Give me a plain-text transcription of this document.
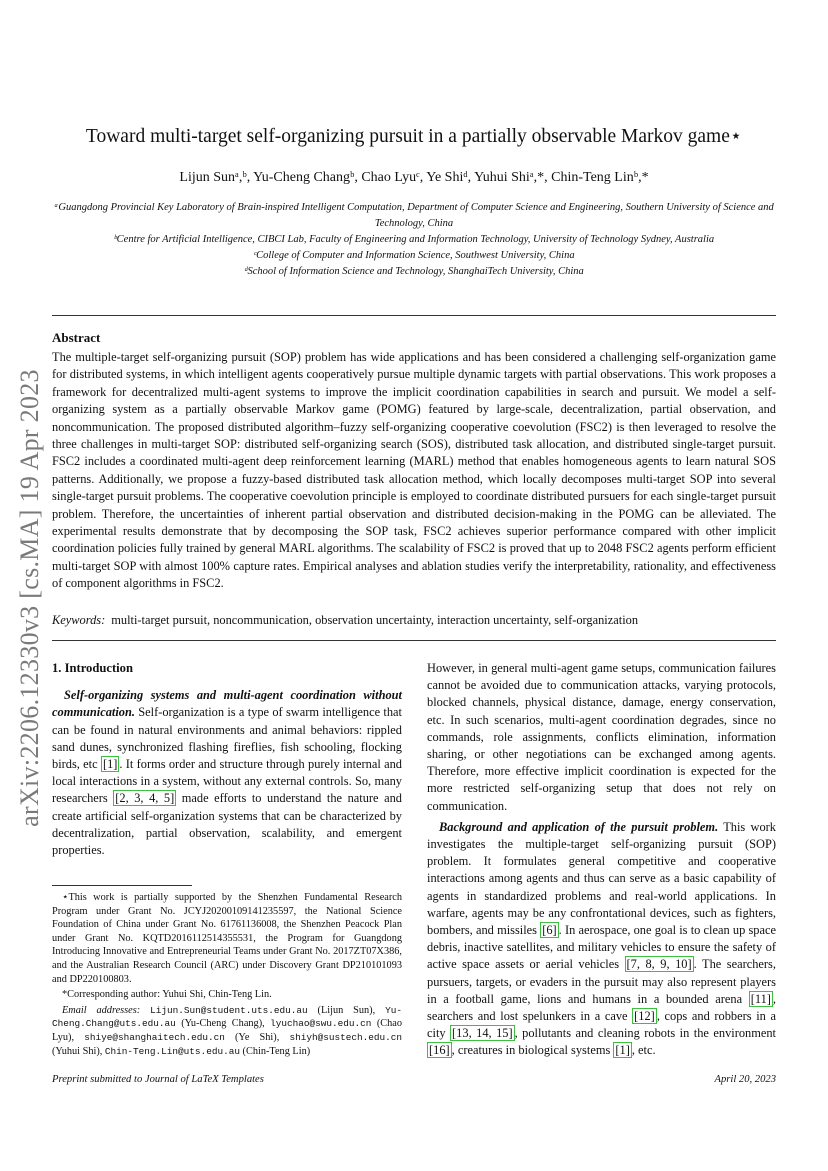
arXiv:2206.12330v3 [cs.MA] 19 Apr 2023
Toward multi-target self-organizing pursuit in a partially observable Markov game⋆
Lijun Sunᵃ,ᵇ, Yu-Cheng Changᵇ, Chao Lyuᶜ, Ye Shiᵈ, Yuhui Shiᵃ,*, Chin-Teng Linᵇ,*
ᵃGuangdong Provincial Key Laboratory of Brain-inspired Intelligent Computation, Department of Computer Science and Engineering, Southern University of Science and Technology, China
ᵇCentre for Artificial Intelligence, CIBCI Lab, Faculty of Engineering and Information Technology, University of Technology Sydney, Australia
ᶜCollege of Computer and Information Science, Southwest University, China
ᵈSchool of Information Science and Technology, ShanghaiTech University, China
Abstract
The multiple-target self-organizing pursuit (SOP) problem has wide applications and has been considered a challenging self-organization game for distributed systems, in which intelligent agents cooperatively pursue multiple dynamic targets with partial observations. This work proposes a framework for decentralized multi-agent systems to improve the implicit coordination capabilities in search and pursuit. We model a self-organizing system as a partially observable Markov game (POMG) featured by large-scale, decentralization, partial observation, and noncommunication. The proposed distributed algorithm–fuzzy self-organizing cooperative coevolution (FSC2) is then leveraged to resolve the three challenges in multi-target SOP: distributed self-organizing search (SOS), distributed task allocation, and distributed single-target pursuit. FSC2 includes a coordinated multi-agent deep reinforcement learning (MARL) method that enables homogeneous agents to learn natural SOS patterns. Additionally, we propose a fuzzy-based distributed task allocation method, which locally decomposes multi-target SOP into several single-target pursuit problems. The cooperative coevolution principle is employed to coordinate distributed pursuers for each single-target pursuit problem. Therefore, the uncertainties of inherent partial observation and distributed decision-making in the POMG can be alleviated. The experimental results demonstrate that by decomposing the SOP task, FSC2 achieves superior performance compared with other implicit coordination policies fully trained by general MARL algorithms. The scalability of FSC2 is proved that up to 2048 FSC2 agents perform efficient multi-target SOP with almost 100% capture rates. Empirical analyses and ablation studies verify the interpretability, rationality, and effectiveness of component algorithms in FSC2.
Keywords: multi-target pursuit, noncommunication, observation uncertainty, interaction uncertainty, self-organization
1. Introduction

Self-organizing systems and multi-agent coordination without communication. Self-organization is a type of swarm intelligence that can be found in natural environments and animal behaviors: rippled sand dunes, synchronized flashing fireflies, fish schooling, flocking birds, etc [1] . It forms order and structure through purely internal and local interactions in a system, without any external controls. So, many researchers [2, 3, 4, 5] made efforts to understand the nature and create artificial self-organization systems that can be characterized by decentralization, partial observation, scalability, and emergent properties.

However, in general multi-agent game setups, communication failures cannot be avoided due to communication attacks, varying protocols, blocked channels, physical distance, damage, energy conservation, etc. In such scenarios, multi-agent coordination degrades, since no commands, role assignments, conflicts elimination, information sharing, or other negotiations can be exchanged among agents. Therefore, more effective implicit coordination is expected for the more restricted self-organizing setup that does not rely on communication.

Background and application of the pursuit problem. This work investigates the multiple-target self-organizing pursuit (SOP) problem. It formulates general competitive and cooperative interactions among agents and thus can serve as a basic capability of agents in standardized problems and real-world applications. In warfare, agents may be any confrontational devices, such as fighters, bombers, and missiles [6] . In aerospace, one goal is to clean up space debris, inactive satellites, and military vehicles to ensure the safety of active space assets or aerial vehicles [7, 8, 9, 10] . The searchers, pursuers, targets, or evaders in the pursuit may also represent players in a football game, lions and humans in a bounded arena [11] , searchers and lost spelunkers in a cave [12] , cops and robbers in a city [13, 14, 15] , pollutants and cleaning robots in the environment [16] , creatures in biological systems [1] , etc.

⋆This work is partially supported by the Shenzhen Fundamental Research Program under Grant No. JCYJ20200109141235597, the National Science Foundation of China under Grant No. 61761136008, the Shenzhen Peacock Plan under Grant No. KQTD2016112514355531, the Program for Guangdong Introducing Innovative and Entrepreneurial Teams under Grant No. 2017ZT07X386, and the Australian Research Council (ARC) under Discovery Grant DP210101093 and DP220100803.

*Corresponding author: Yuhui Shi, Chin-Teng Lin.

Email addresses: Lijun.Sun@student.uts.edu.au (Lijun Sun), Yu-Cheng.Chang@uts.edu.au (Yu-Cheng Chang), lyuchao@swu.edu.cn (Chao Lyu), shiye@shanghaitech.edu.cn (Ye Shi), shiyh@sustech.edu.cn (Yuhui Shi), Chin-Teng.Lin@uts.edu.au (Chin-Teng Lin)

Preprint submitted to Journal of LaTeX Templates	April 20, 2023
